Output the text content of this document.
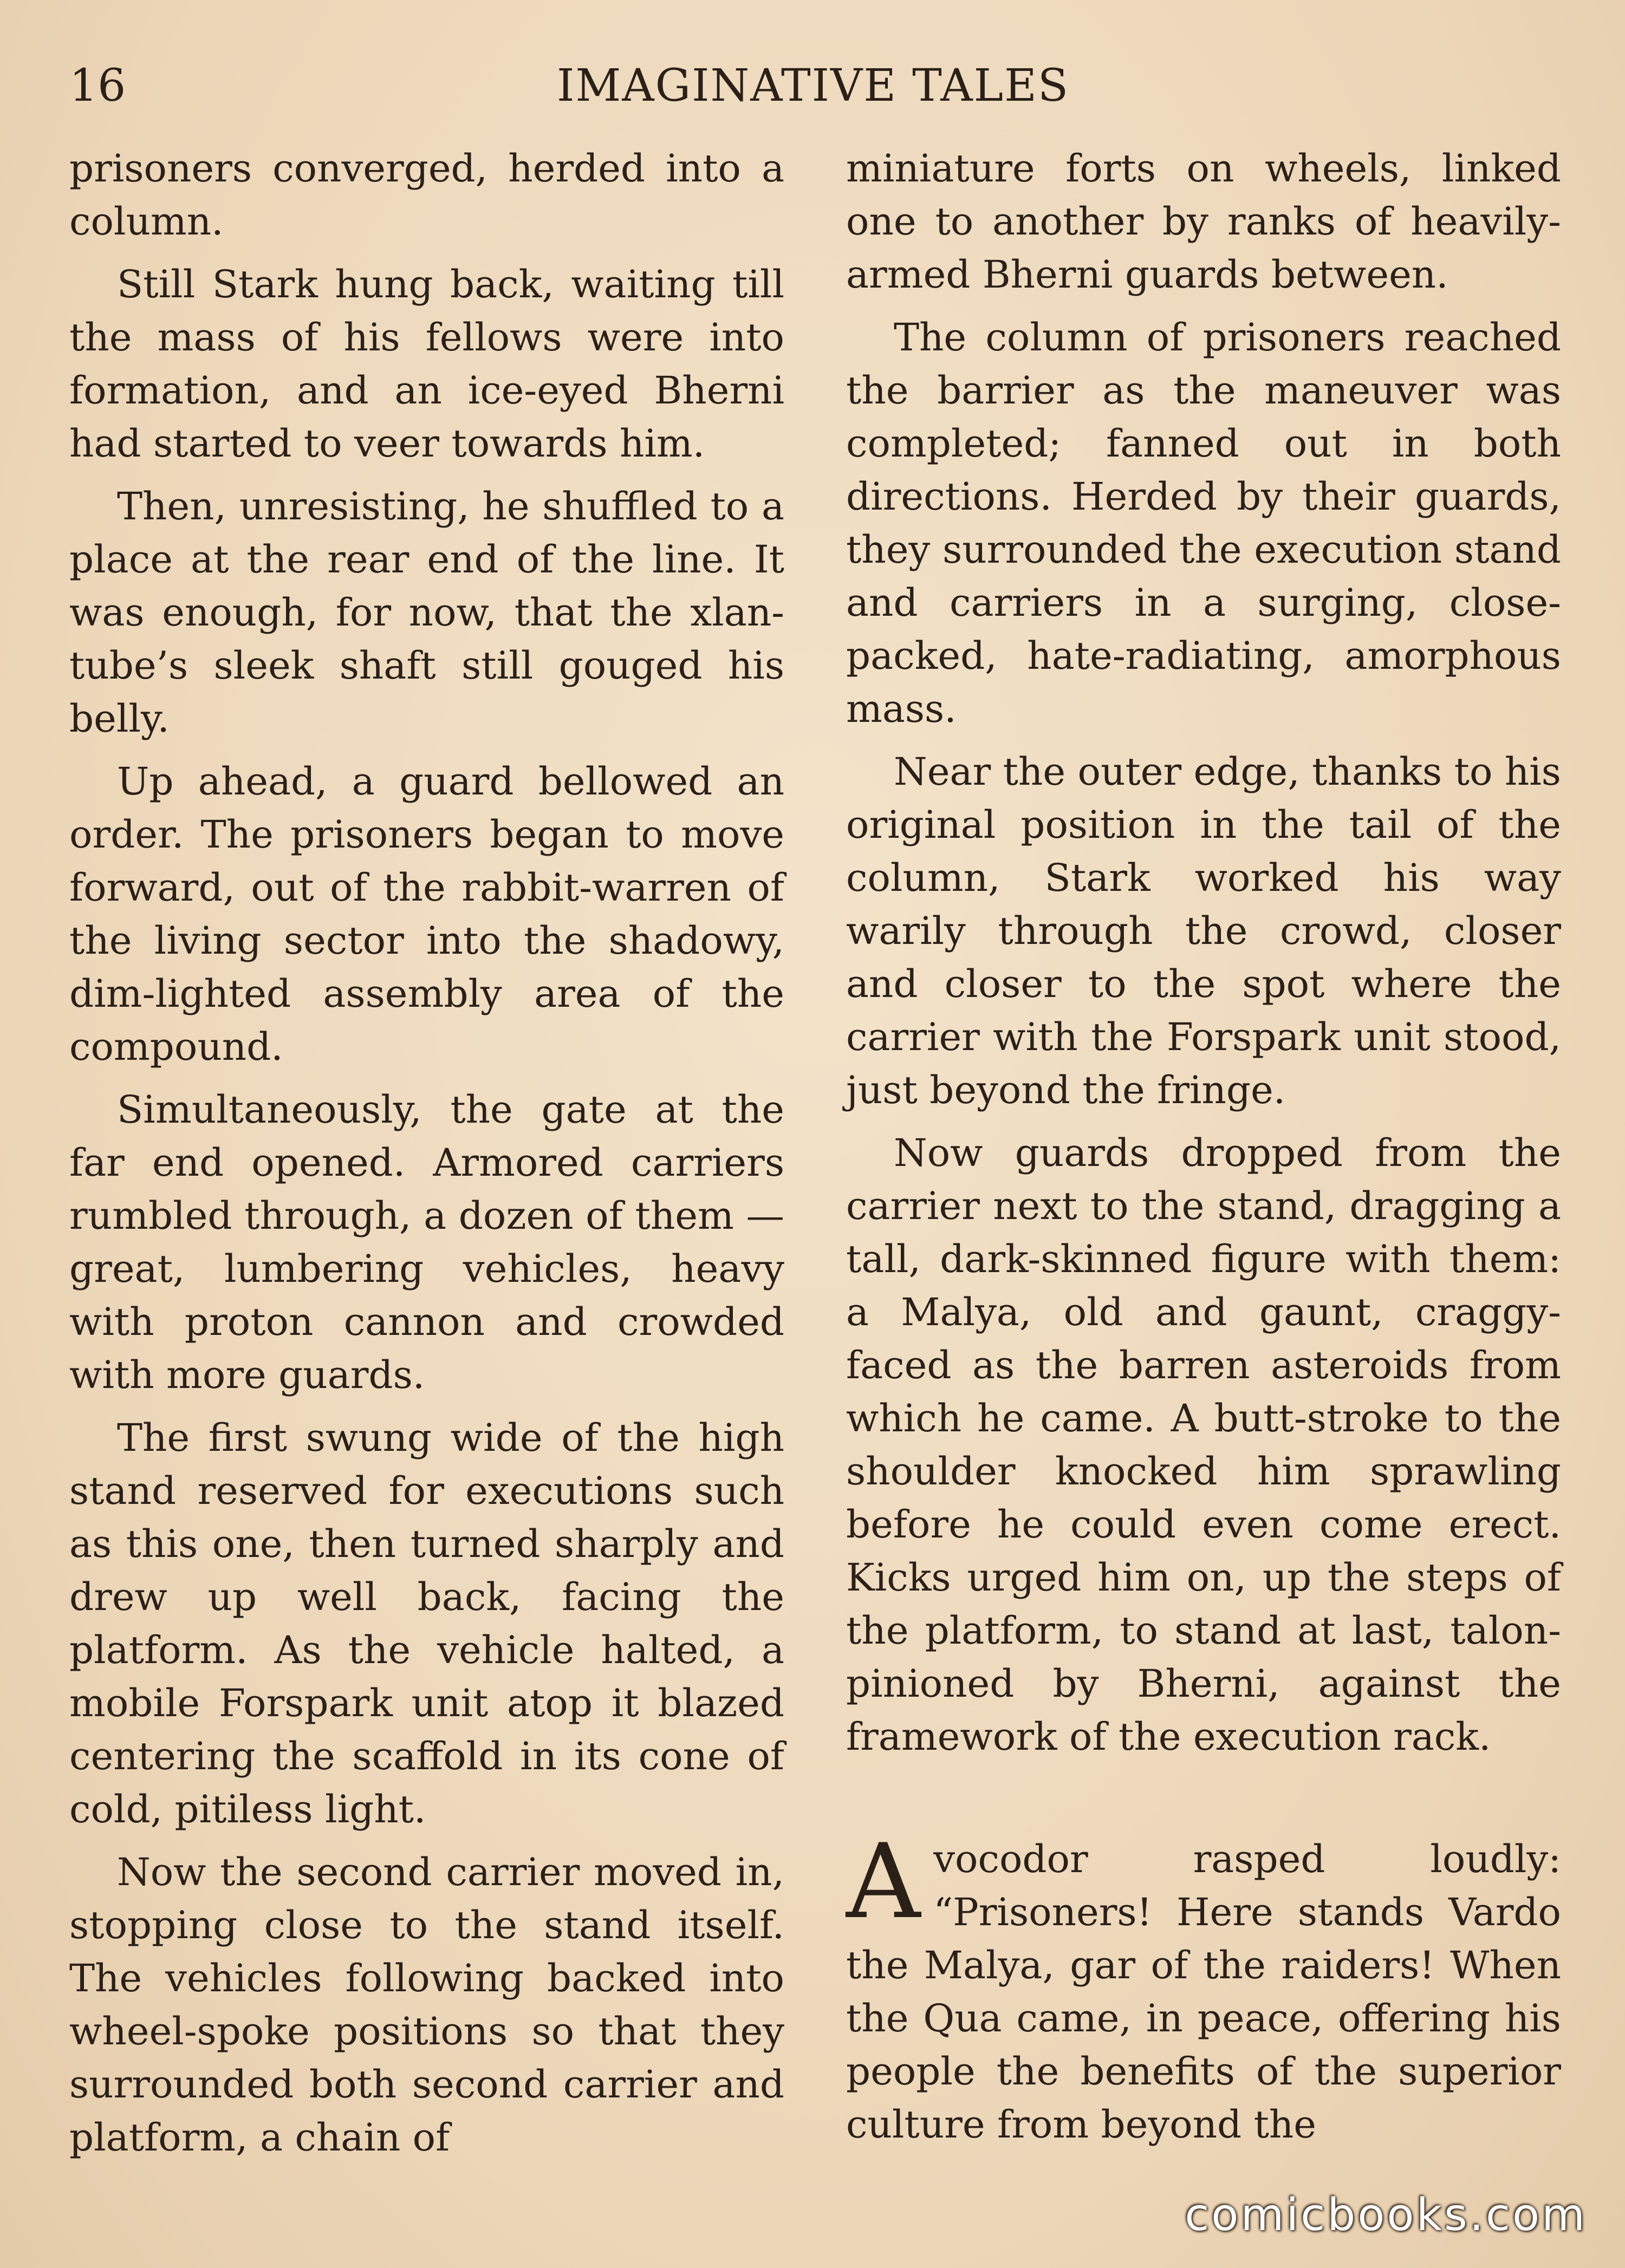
16	IMAGINATIVE TALES

prisoners converged, herded into a column.

Still Stark hung back, waiting till the mass of his fellows were into formation, and an ice-eyed Bherni had started to veer towards him.

Then, unresisting, he shuffled to a place at the rear end of the line. It was enough, for now, that the xlan-tube’s sleek shaft still gouged his belly.

Up ahead, a guard bellowed an order. The prisoners began to move forward, out of the rabbit-warren of the living sector into the shadowy, dim-lighted assembly area of the compound.

Simultaneously, the gate at the far end opened. Armored carriers rumbled through, a dozen of them —great, lumbering vehicles, heavy with proton cannon and crowded with more guards.

The first swung wide of the high stand reserved for executions such as this one, then turned sharply and drew up well back, facing the platform. As the vehicle halted, a mobile Forspark unit atop it blazed centering the scaffold in its cone of cold, pitiless light.

Now the second carrier moved in, stopping close to the stand itself. The vehicles following backed into wheel-spoke positions so that they surrounded both second carrier and platform, a chain of

miniature forts on wheels, linked one to another by ranks of heavily-armed Bherni guards between.

The column of prisoners reached the barrier as the maneuver was completed; fanned out in both directions. Herded by their guards, they surrounded the execution stand and carriers in a surging, close-packed, hate-radiating, amorphous mass.

Near the outer edge, thanks to his original position in the tail of the column, Stark worked his way warily through the crowd, closer and closer to the spot where the carrier with the Forspark unit stood, just beyond the fringe.

Now guards dropped from the carrier next to the stand, dragging a tall, dark-skinned figure with them: a Malya, old and gaunt, craggy-faced as the barren asteroids from which he came. A butt-stroke to the shoulder knocked him sprawling before he could even come erect. Kicks urged him on, up the steps of the platform, to stand at last, talon-pinioned by Bherni, against the framework of the execution rack.

Avocodor rasped loudly: “Prisoners! Here stands Vardo the Malya, gar of the raiders! When the Qua came, in peace, offering his people the benefits of the superior culture from beyond the

comicbooks.com
